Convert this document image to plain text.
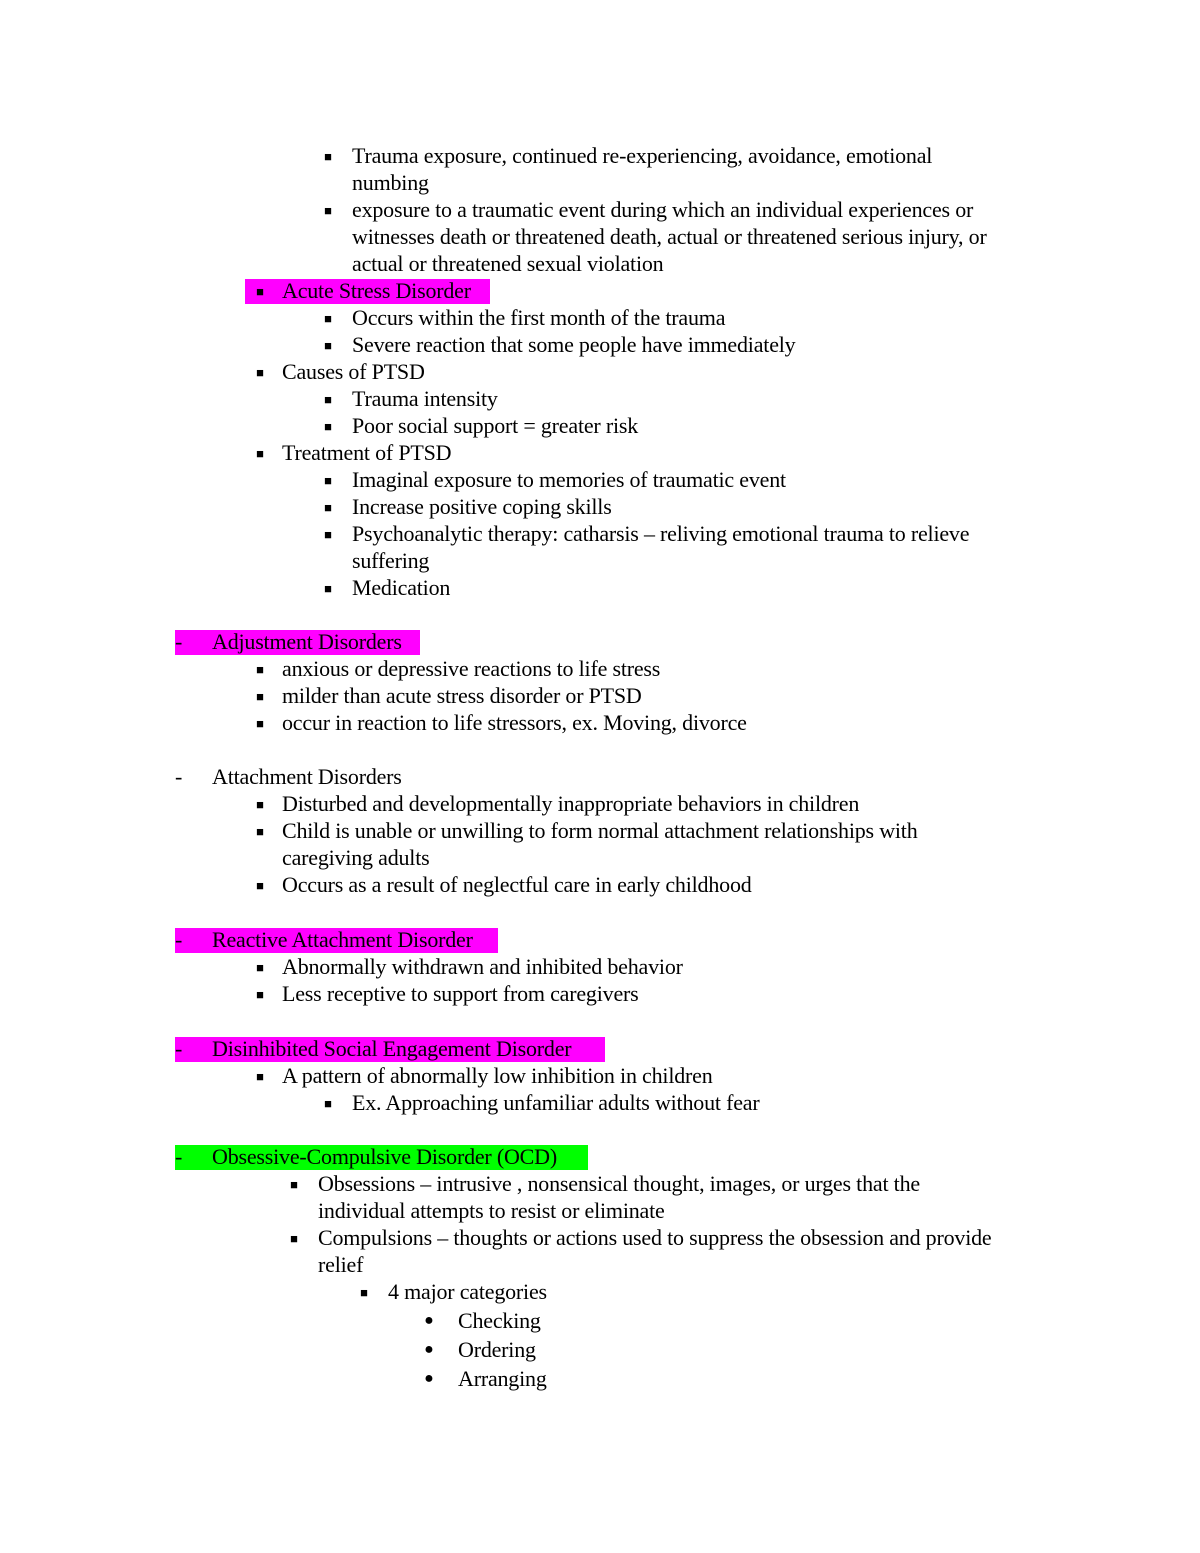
■ Trauma exposure, continued re-experiencing, avoidance, emotional
numbing
■ exposure to a traumatic event during which an individual experiences or
witnesses death or threatened death, actual or threatened serious injury, or
actual or threatened sexual violation
■ Acute Stress Disorder
■ Occurs within the first month of the trauma
■ Severe reaction that some people have immediately
■ Causes of PTSD
■ Trauma intensity
■ Poor social support = greater risk
■ Treatment of PTSD
■ Imaginal exposure to memories of traumatic event
■ Increase positive coping skills
■ Psychoanalytic therapy: catharsis – reliving emotional trauma to relieve
suffering
■ Medication
- Adjustment Disorders
■ anxious or depressive reactions to life stress
■ milder than acute stress disorder or PTSD
■ occur in reaction to life stressors, ex. Moving, divorce
- Attachment Disorders
■ Disturbed and developmentally inappropriate behaviors in children
■ Child is unable or unwilling to form normal attachment relationships with
caregiving adults
■ Occurs as a result of neglectful care in early childhood
- Reactive Attachment Disorder
■ Abnormally withdrawn and inhibited behavior
■ Less receptive to support from caregivers
- Disinhibited Social Engagement Disorder
■ A pattern of abnormally low inhibition in children
■ Ex. Approaching unfamiliar adults without fear
- Obsessive-Compulsive Disorder (OCD)
■ Obsessions – intrusive , nonsensical thought, images, or urges that the
individual attempts to resist or eliminate
■ Compulsions – thoughts or actions used to suppress the obsession and provide
relief
■ 4 major categories
● Checking
● Ordering
● Arranging
